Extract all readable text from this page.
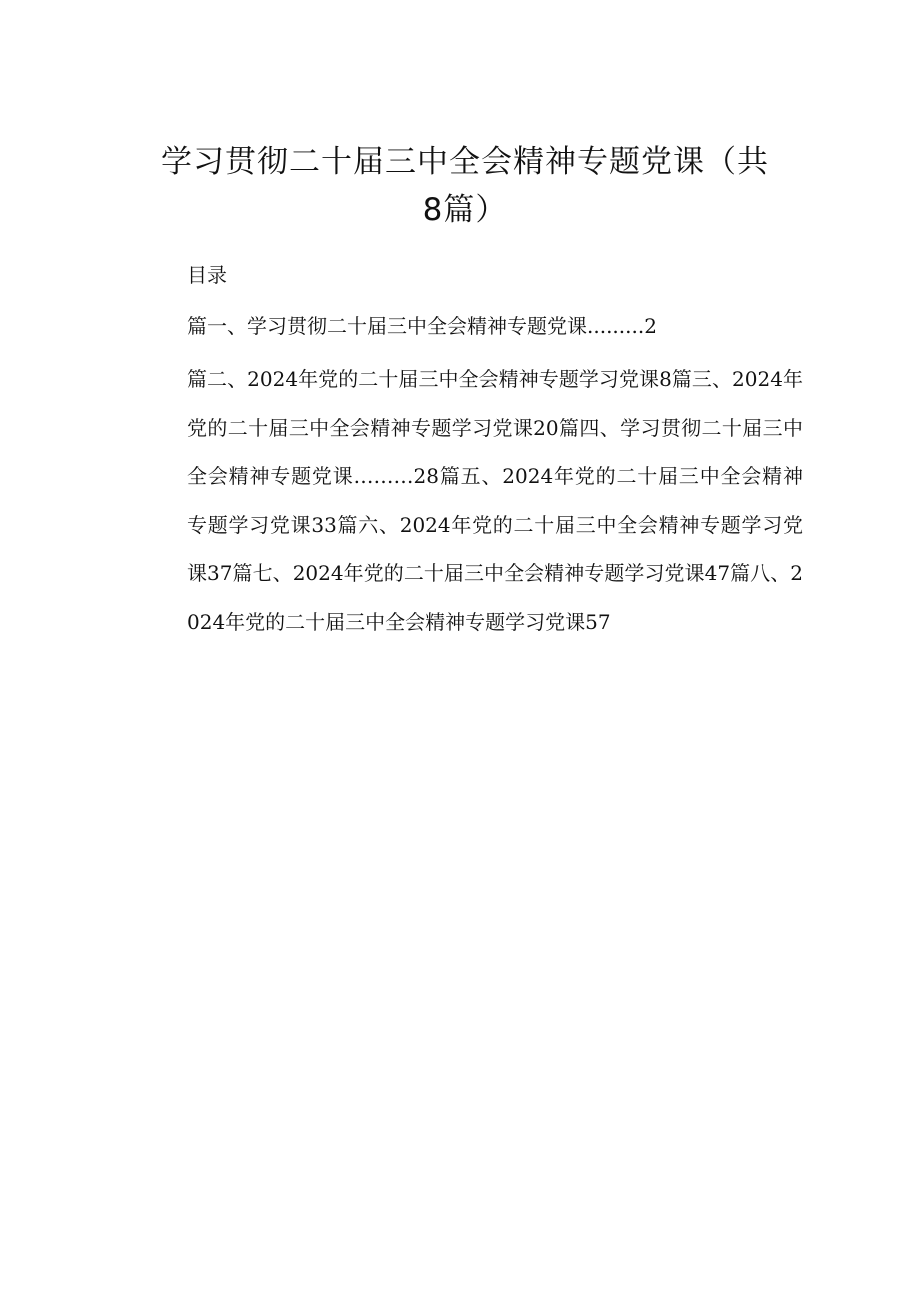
学习贯彻二十届三中全会精神专题党课（共
8篇）

目录

篇一、学习贯彻二十届三中全会精神专题党课.........2

篇二、2024年党的二十届三中全会精神专题学习党课8篇三、2024年党的二十届三中全会精神专题学习党课20篇四、学习贯彻二十届三中全会精神专题党课………28篇五、2024年党的二十届三中全会精神专题学习党课33篇六、2024年党的二十届三中全会精神专题学习党课37篇七、2024年党的二十届三中全会精神专题学习党课47篇八、2024年党的二十届三中全会精神专题学习党课57
